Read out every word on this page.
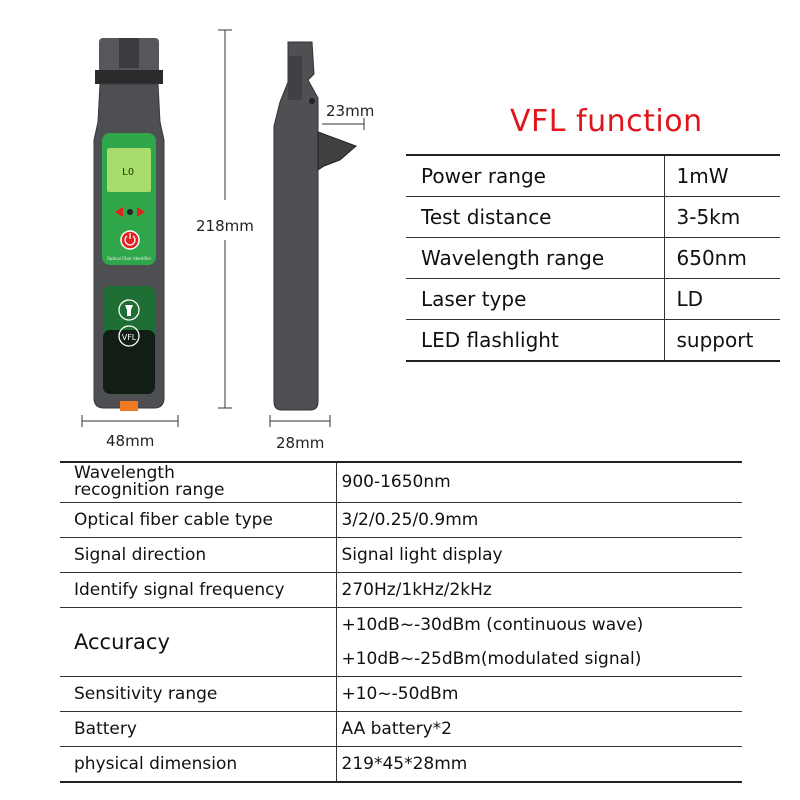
LO
Optical Fiber Identifier
VFL
218mm
48mm	28mm
23mm	VFL function
Power range	1mW
Test distance	3-5km
Wavelength range	650nm
Laser type	LD
LED flashlight	support
Wavelength
recognition range	900-1650nm
Optical fiber cable type	3/2/0.25/0.9mm
Signal direction	Signal light display
Identify signal frequency	270Hz/1kHz/2kHz
Accuracy	+10dB~-30dBm (continuous wave)
+10dB~-25dBm(modulated signal)

Sensitivity range	+10~-50dBm
Battery	AA battery*2
physical dimension	219*45*28mm
